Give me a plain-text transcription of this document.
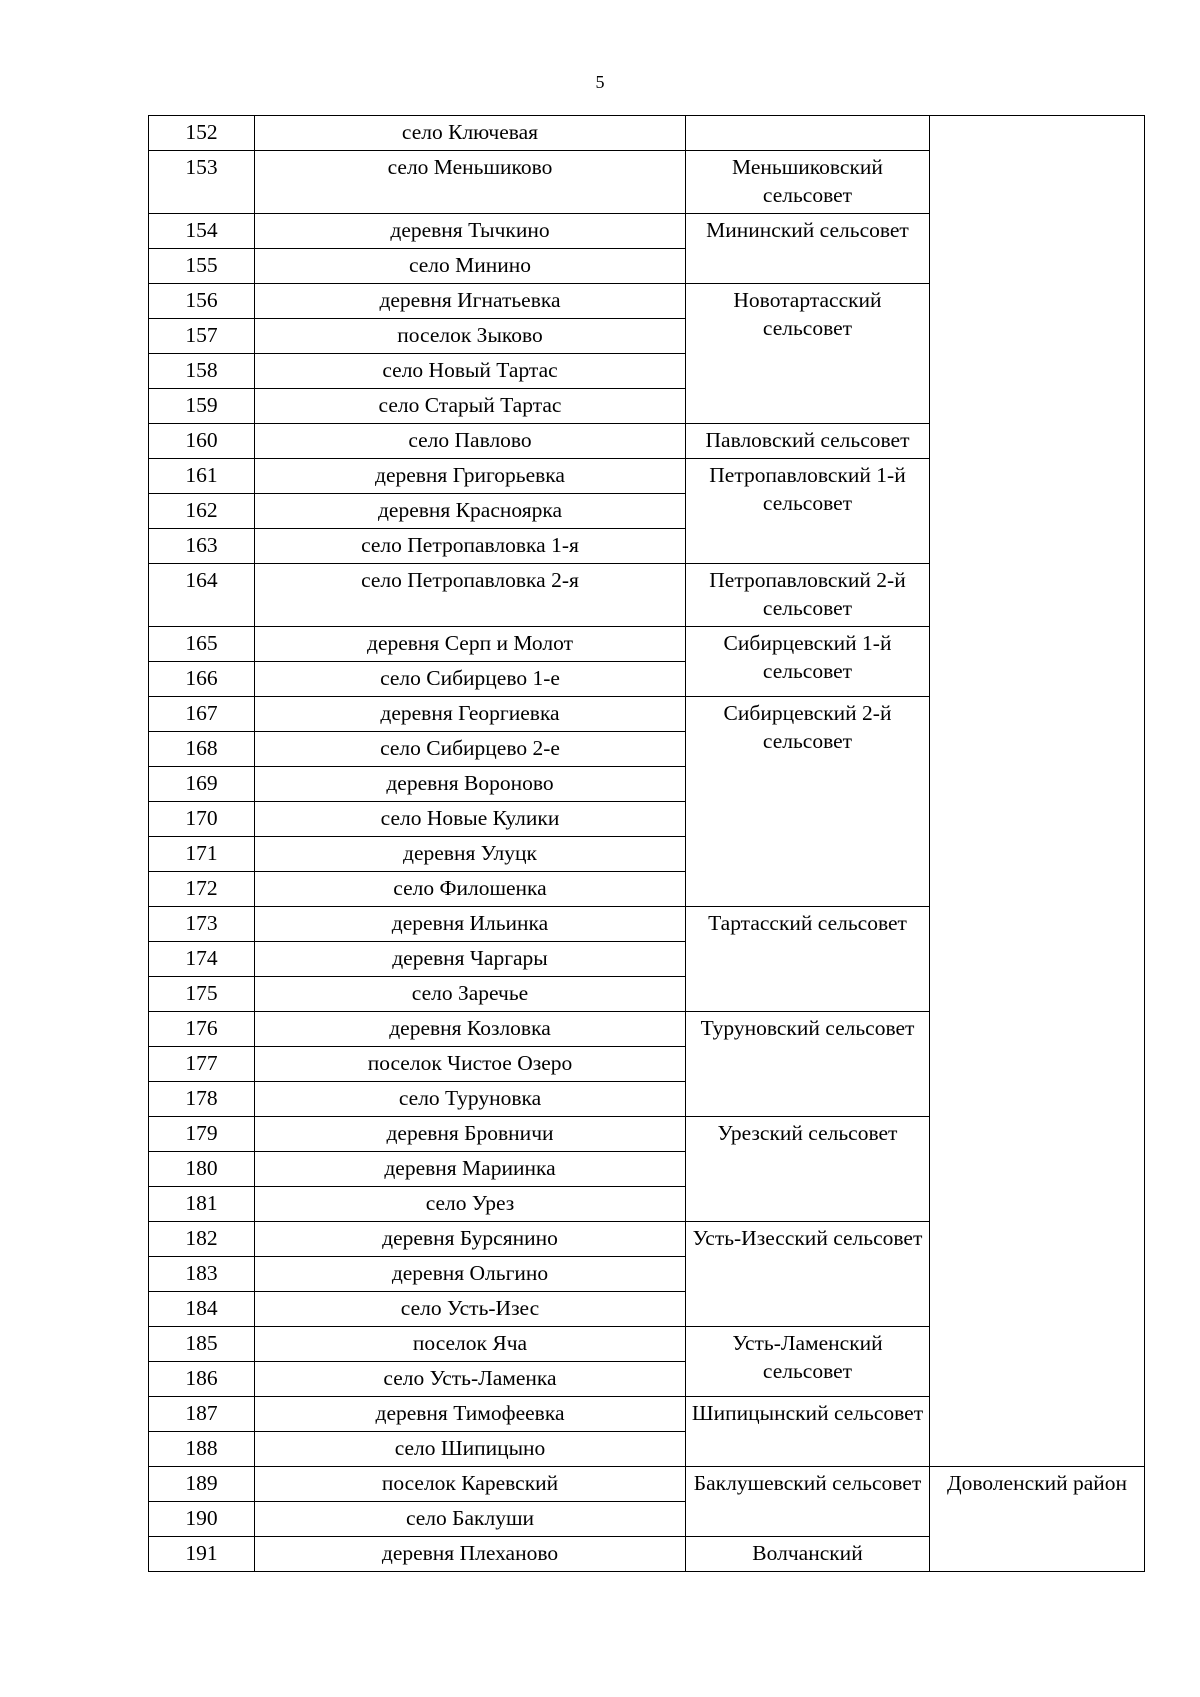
5
152	село Ключевая		
153	село Меньшиково	Меньшиковский сельсовет	
154	деревня Тычкино	Мининский сельсовет	
155	село Минино		
156	деревня Игнатьевка	Новотартасский сельсовет	
157	поселок Зыково		
158	село Новый Тартас		
159	село Старый Тартас		
160	село Павлово	Павловский сельсовет	
161	деревня Григорьевка	Петропавловский 1-й сельсовет	
162	деревня Красноярка		
163	село Петропавловка 1-я		
164	село Петропавловка 2-я	Петропавловский 2-й сельсовет	
165	деревня Серп и Молот	Сибирцевский 1-й сельсовет	
166	село Сибирцево 1-е		
167	деревня Георгиевка	Сибирцевский 2-й сельсовет	
168	село Сибирцево 2-е		
169	деревня Вороново		
170	село Новые Кулики		
171	деревня Улуцк		
172	село Филошенка		
173	деревня Ильинка	Тартасский сельсовет	
174	деревня Чаргары		
175	село Заречье		
176	деревня Козловка	Туруновский сельсовет	
177	поселок Чистое Озеро		
178	село Туруновка		
179	деревня Бровничи	Урезский сельсовет	
180	деревня Мариинка		
181	село Урез		
182	деревня Бурсянино	Усть-Изесский сельсовет	
183	деревня Ольгино		
184	село Усть-Изес		
185	поселок Яча	Усть-Ламенский сельсовет	
186	село Усть-Ламенка		
187	деревня Тимофеевка	Шипицынский сельсовет	
188	село Шипицыно		
189	поселок Каревский	Баклушевский сельсовет	Доволенский район
190	село Баклуши		
191	деревня Плеханово	Волчанский	
